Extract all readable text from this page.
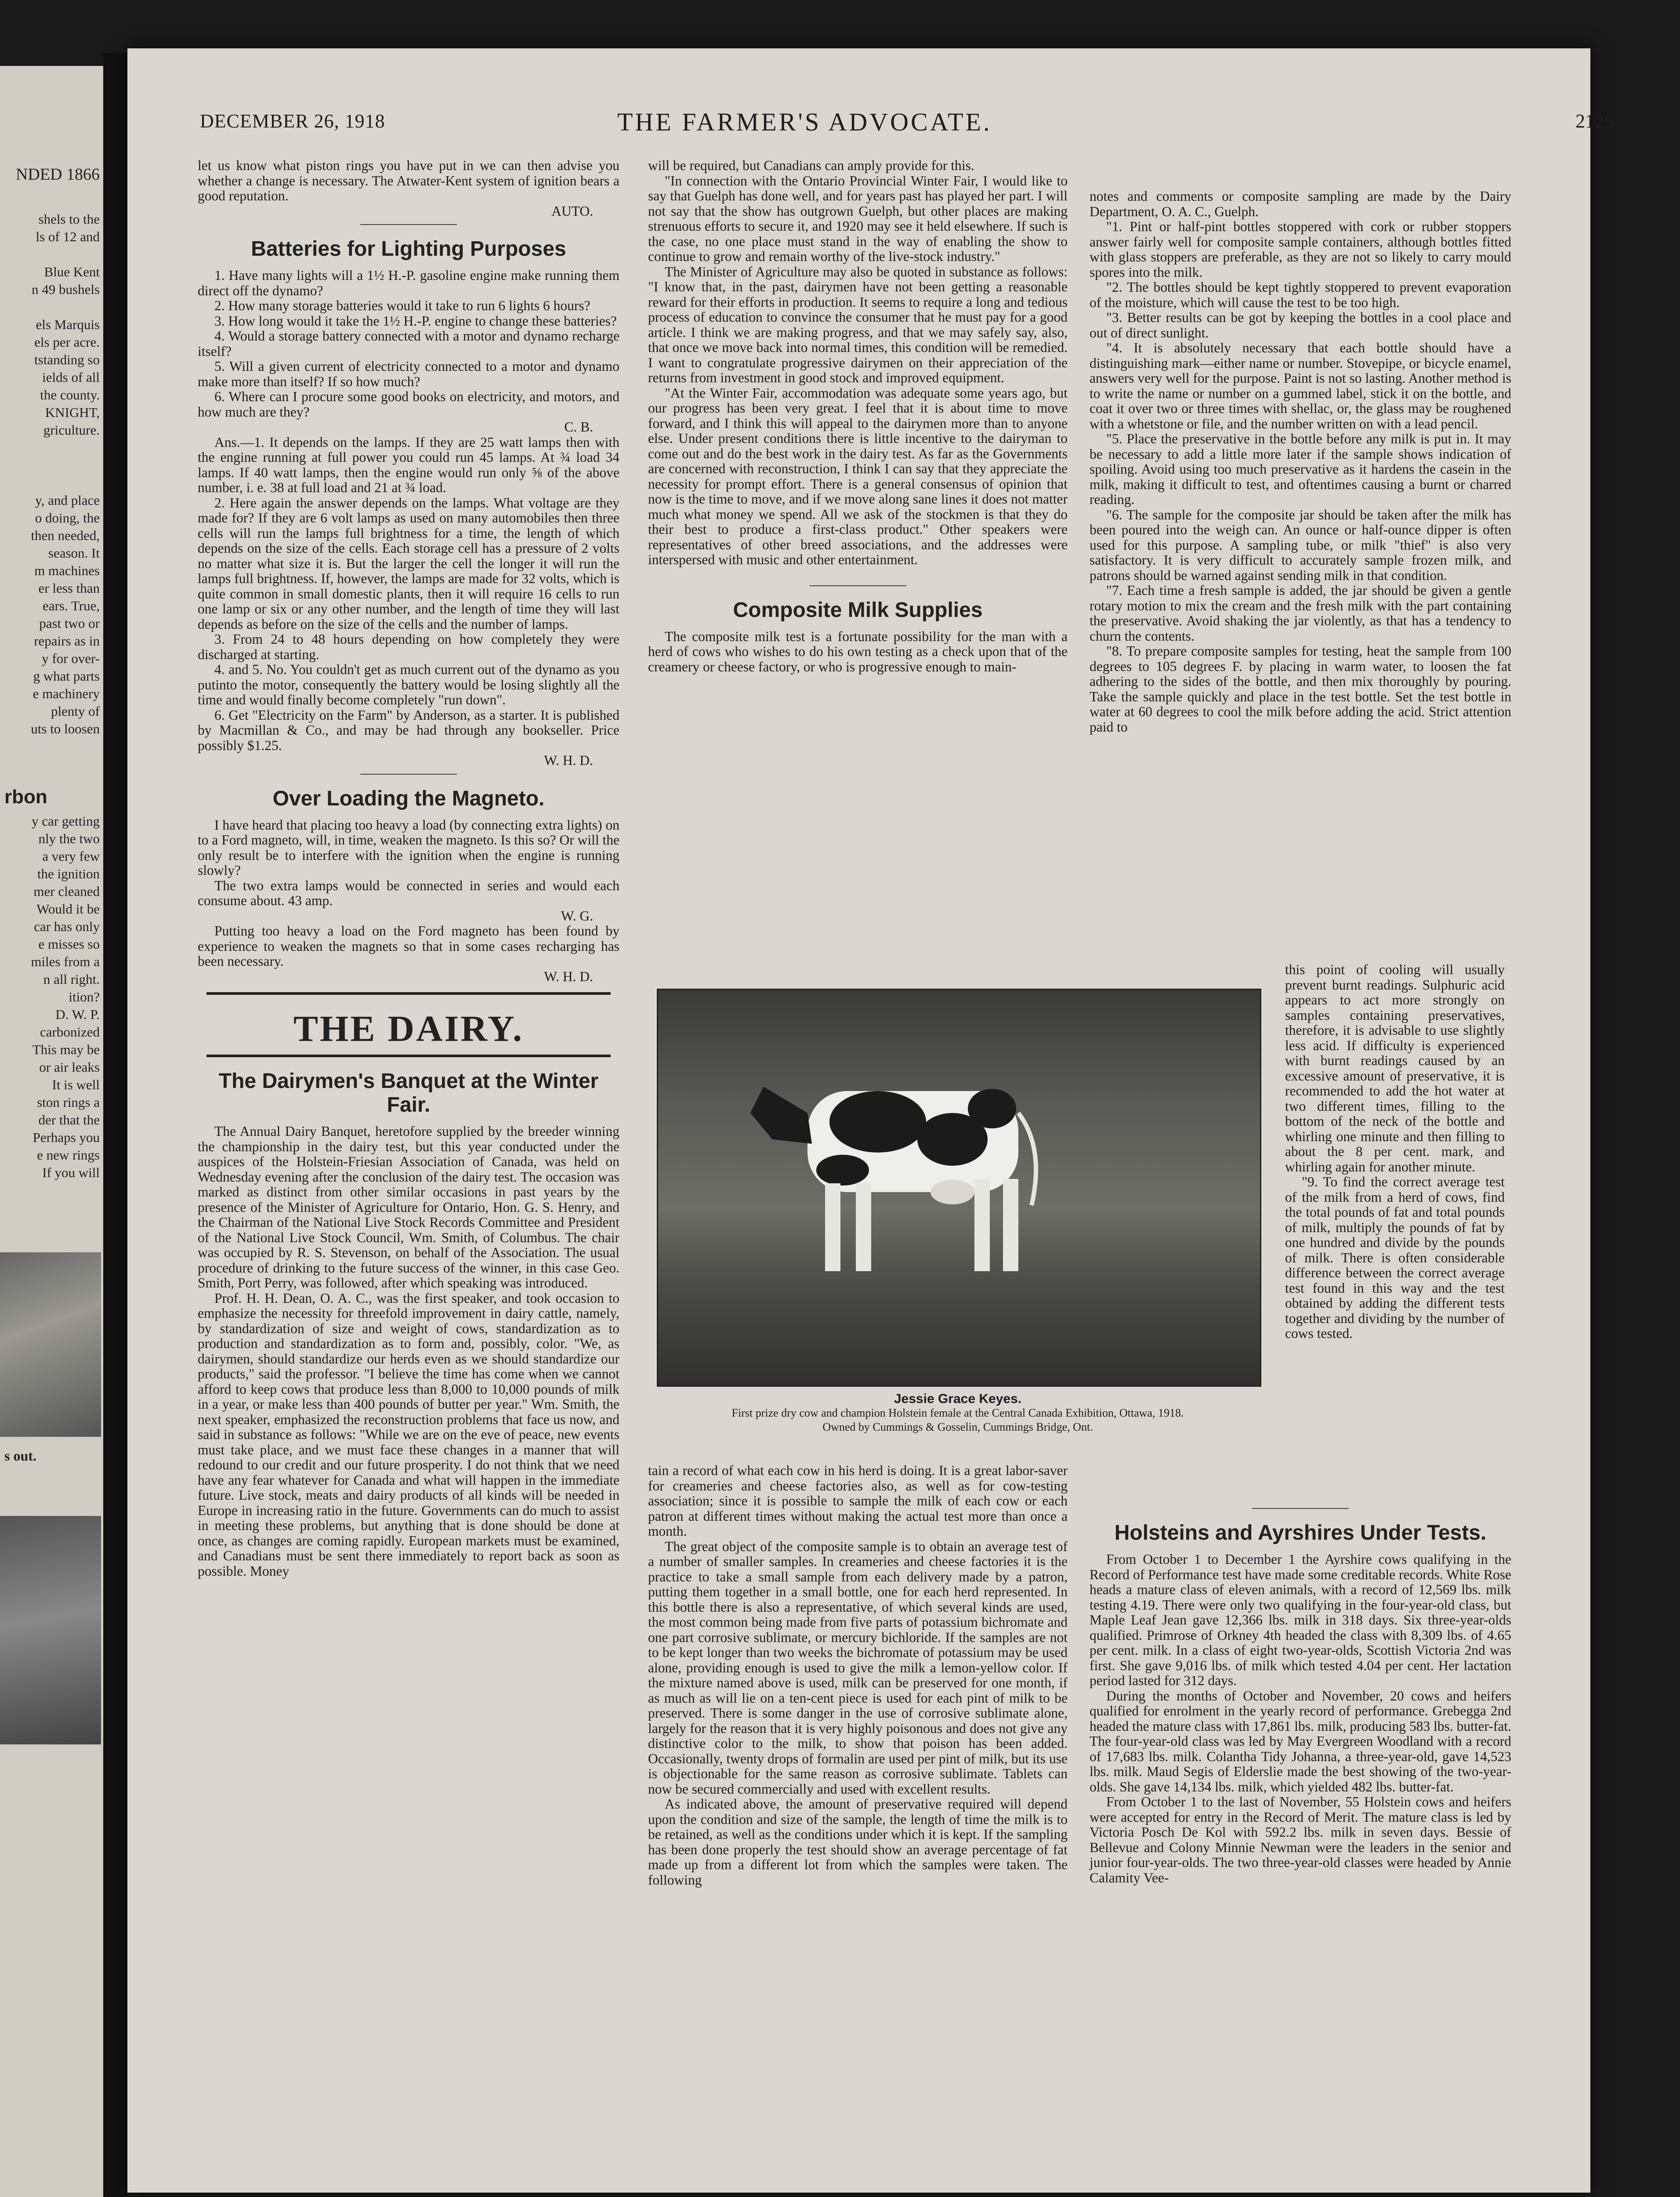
NDED 1866

shels to the

ls of 12 and

Blue Kent

n 49 bushels

els Marquis

els per acre.

tstanding so

ields of all

the county.

KNIGHT,

griculture.

y, and place

o doing, the

then needed,

season. It

m machines

er less than

ears. True,

past two or

repairs as in

y for over-

g what parts

e machinery

plenty of

uts to loosen

rbon

y car getting

nly the two

a very few

the ignition

mer cleaned

Would it be

car has only

e misses so

miles from a

n all right.

ition?

D. W. P.

carbonized

This may be

or air leaks

It is well

ston rings a

der that the

Perhaps you

e new rings

If you will

s out.
DECEMBER 26, 1918	THE FARMER'S ADVOCATE.	2125

let us know what piston rings you have put in we can then advise you whether a change is necessary. The Atwater-Kent system of ignition bears a good reputation.

AUTO.

Batteries for Lighting Purposes

1. Have many lights will a 1½ H.-P. gasoline engine make running them direct off the dynamo?

2. How many storage batteries would it take to run 6 lights 6 hours?

3. How long would it take the 1½ H.-P. engine to change these batteries?

4. Would a storage battery connected with a motor and dynamo recharge itself?

5. Will a given current of electricity connected to a motor and dynamo make more than itself? If so how much?

6. Where can I procure some good books on electricity, and motors, and how much are they?

C. B.

Ans.—1. It depends on the lamps. If they are 25 watt lamps then with the engine running at full power you could run 45 lamps. At ¾ load 34 lamps. If 40 watt lamps, then the engine would run only ⅝ of the above number, i. e. 38 at full load and 21 at ¾ load.

2. Here again the answer depends on the lamps. What voltage are they made for? If they are 6 volt lamps as used on many automobiles then three cells will run the lamps full brightness for a time, the length of which depends on the size of the cells. Each storage cell has a pressure of 2 volts no matter what size it is. But the larger the cell the longer it will run the lamps full brightness. If, however, the lamps are made for 32 volts, which is quite common in small domestic plants, then it will require 16 cells to run one lamp or six or any other number, and the length of time they will last depends as before on the size of the cells and the number of lamps.

3. From 24 to 48 hours depending on how completely they were discharged at starting.

4. and 5. No. You couldn't get as much current out of the dynamo as you putinto the motor, consequently the battery would be losing slightly all the time and would finally become completely "run down".

6. Get "Electricity on the Farm" by Anderson, as a starter. It is published by Macmillan & Co., and may be had through any bookseller. Price possibly $1.25.

W. H. D.

Over Loading the Magneto.

I have heard that placing too heavy a load (by connecting extra lights) on to a Ford magneto, will, in time, weaken the magneto. Is this so? Or will the only result be to interfere with the ignition when the engine is running slowly?

The two extra lamps would be connected in series and would each consume about. 43 amp.

W. G.

Putting too heavy a load on the Ford magneto has been found by experience to weaken the magnets so that in some cases recharging has been necessary.

W. H. D.

THE DAIRY.
The Dairymen's Banquet at the Winter Fair.

The Annual Dairy Banquet, heretofore supplied by the breeder winning the championship in the dairy test, but this year conducted under the auspices of the Holstein-Friesian Association of Canada, was held on Wednesday evening after the conclusion of the dairy test. The occasion was marked as distinct from other similar occasions in past years by the presence of the Minister of Agriculture for Ontario, Hon. G. S. Henry, and the Chairman of the National Live Stock Records Committee and President of the National Live Stock Council, Wm. Smith, of Columbus. The chair was occupied by R. S. Stevenson, on behalf of the Association. The usual procedure of drinking to the future success of the winner, in this case Geo. Smith, Port Perry, was followed, after which speaking was introduced.

Prof. H. H. Dean, O. A. C., was the first speaker, and took occasion to emphasize the necessity for threefold improvement in dairy cattle, namely, by standardization of size and weight of cows, standardization as to production and standardization as to form and, possibly, color. "We, as dairymen, should standardize our herds even as we should standardize our products," said the professor. "I believe the time has come when we cannot afford to keep cows that produce less than 8,000 to 10,000 pounds of milk in a year, or make less than 400 pounds of butter per year." Wm. Smith, the next speaker, emphasized the reconstruction problems that face us now, and said in substance as follows: "While we are on the eve of peace, new events must take place, and we must face these changes in a manner that will redound to our credit and our future prosperity. I do not think that we need have any fear whatever for Canada and what will happen in the immediate future. Live stock, meats and dairy products of all kinds will be needed in Europe in increasing ratio in the future. Governments can do much to assist in meeting these problems, but anything that is done should be done at once, as changes are coming rapidly. European markets must be examined, and Canadians must be sent there immediately to report back as soon as possible. Money

will be required, but Canadians can amply provide for this.

"In connection with the Ontario Provincial Winter Fair, I would like to say that Guelph has done well, and for years past has played her part. I will not say that the show has outgrown Guelph, but other places are making strenuous efforts to secure it, and 1920 may see it held elsewhere. If such is the case, no one place must stand in the way of enabling the show to continue to grow and remain worthy of the live-stock industry."

The Minister of Agriculture may also be quoted in substance as follows: "I know that, in the past, dairymen have not been getting a reasonable reward for their efforts in production. It seems to require a long and tedious process of education to convince the consumer that he must pay for a good article. I think we are making progress, and that we may safely say, also, that once we move back into normal times, this condition will be remedied. I want to congratulate progressive dairymen on their appreciation of the returns from investment in good stock and improved equipment.

"At the Winter Fair, accommodation was adequate some years ago, but our progress has been very great. I feel that it is about time to move forward, and I think this will appeal to the dairymen more than to anyone else. Under present conditions there is little incentive to the dairyman to come out and do the best work in the dairy test. As far as the Governments are concerned with reconstruction, I think I can say that they appreciate the necessity for prompt effort. There is a general consensus of opinion that now is the time to move, and if we move along sane lines it does not matter much what money we spend. All we ask of the stockmen is that they do their best to produce a first-class product." Other speakers were representatives of other breed associations, and the addresses were interspersed with music and other entertainment.

Composite Milk Supplies

The composite milk test is a fortunate possibility for the man with a herd of cows who wishes to do his own testing as a check upon that of the creamery or cheese factory, or who is progressive enough to main-

Jessie Grace Keyes.
First prize dry cow and champion Holstein female at the Central Canada Exhibition, Ottawa, 1918.
Owned by Cummings & Gosselin, Cummings Bridge, Ont.

tain a record of what each cow in his herd is doing. It is a great labor-saver for creameries and cheese factories also, as well as for cow-testing association; since it is possible to sample the milk of each cow or each patron at different times without making the actual test more than once a month.

The great object of the composite sample is to obtain an average test of a number of smaller samples. In creameries and cheese factories it is the practice to take a small sample from each delivery made by a patron, putting them together in a small bottle, one for each herd represented. In this bottle there is also a representative, of which several kinds are used, the most common being made from five parts of potassium bichromate and one part corrosive sublimate, or mercury bichloride. If the samples are not to be kept longer than two weeks the bichromate of potassium may be used alone, providing enough is used to give the milk a lemon-yellow color. If the mixture named above is used, milk can be preserved for one month, if as much as will lie on a ten-cent piece is used for each pint of milk to be preserved. There is some danger in the use of corrosive sublimate alone, largely for the reason that it is very highly poisonous and does not give any distinctive color to the milk, to show that poison has been added. Occasionally, twenty drops of formalin are used per pint of milk, but its use is objectionable for the same reason as corrosive sublimate. Tablets can now be secured commercially and used with excellent results.

As indicated above, the amount of preservative required will depend upon the condition and size of the sample, the length of time the milk is to be retained, as well as the conditions under which it is kept. If the sampling has been done properly the test should show an average percentage of fat made up from a different lot from which the samples were taken. The following

notes and comments or composite sampling are made by the Dairy Department, O. A. C., Guelph.

"1. Pint or half-pint bottles stoppered with cork or rubber stoppers answer fairly well for composite sample containers, although bottles fitted with glass stoppers are preferable, as they are not so likely to carry mould spores into the milk.

"2. The bottles should be kept tightly stoppered to prevent evaporation of the moisture, which will cause the test to be too high.

"3. Better results can be got by keeping the bottles in a cool place and out of direct sunlight.

"4. It is absolutely necessary that each bottle should have a distinguishing mark—either name or number. Stovepipe, or bicycle enamel, answers very well for the purpose. Paint is not so lasting. Another method is to write the name or number on a gummed label, stick it on the bottle, and coat it over two or three times with shellac, or, the glass may be roughened with a whetstone or file, and the number written on with a lead pencil.

"5. Place the preservative in the bottle before any milk is put in. It may be necessary to add a little more later if the sample shows indication of spoiling. Avoid using too much preservative as it hardens the casein in the milk, making it difficult to test, and oftentimes causing a burnt or charred reading.

"6. The sample for the composite jar should be taken after the milk has been poured into the weigh can. An ounce or half-ounce dipper is often used for this purpose. A sampling tube, or milk "thief" is also very satisfactory. It is very difficult to accurately sample frozen milk, and patrons should be warned against sending milk in that condition.

"7. Each time a fresh sample is added, the jar should be given a gentle rotary motion to mix the cream and the fresh milk with the part containing the preservative. Avoid shaking the jar violently, as that has a tendency to churn the contents.

"8. To prepare composite samples for testing, heat the sample from 100 degrees to 105 degrees F. by placing in warm water, to loosen the fat adhering to the sides of the bottle, and then mix thoroughly by pouring. Take the sample quickly and place in the test bottle. Set the test bottle in water at 60 degrees to cool the milk before adding the acid. Strict attention paid to

this point of cooling will usually prevent burnt readings. Sulphuric acid appears to act more strongly on samples containing preservatives, therefore, it is advisable to use slightly less acid. If difficulty is experienced with burnt readings caused by an excessive amount of preservative, it is recommended to add the hot water at two different times, filling to the bottom of the neck of the bottle and whirling one minute and then filling to about the 8 per cent. mark, and whirling again for another minute.

"9. To find the correct average test of the milk from a herd of cows, find the total pounds of fat and total pounds of milk, multiply the pounds of fat by one hundred and divide by the pounds of milk. There is often considerable difference between the correct average test found in this way and the test obtained by adding the different tests together and dividing by the number of cows tested.

Holsteins and Ayrshires Under Tests.

From October 1 to December 1 the Ayrshire cows qualifying in the Record of Performance test have made some creditable records. White Rose heads a mature class of eleven animals, with a record of 12,569 lbs. milk testing 4.19. There were only two qualifying in the four-year-old class, but Maple Leaf Jean gave 12,366 lbs. milk in 318 days. Six three-year-olds qualified. Primrose of Orkney 4th headed the class with 8,309 lbs. of 4.65 per cent. milk. In a class of eight two-year-olds, Scottish Victoria 2nd was first. She gave 9,016 lbs. of milk which tested 4.04 per cent. Her lactation period lasted for 312 days.

During the months of October and November, 20 cows and heifers qualified for enrolment in the yearly record of performance. Grebegga 2nd headed the mature class with 17,861 lbs. milk, producing 583 lbs. butter-fat. The four-year-old class was led by May Evergreen Woodland with a record of 17,683 lbs. milk. Colantha Tidy Johanna, a three-year-old, gave 14,523 lbs. milk. Maud Segis of Elderslie made the best showing of the two-year-olds. She gave 14,134 lbs. milk, which yielded 482 lbs. butter-fat.

From October 1 to the last of November, 55 Holstein cows and heifers were accepted for entry in the Record of Merit. The mature class is led by Victoria Posch De Kol with 592.2 lbs. milk in seven days. Bessie of Bellevue and Colony Minnie Newman were the leaders in the senior and junior four-year-olds. The two three-year-old classes were headed by Annie Calamity Vee-
